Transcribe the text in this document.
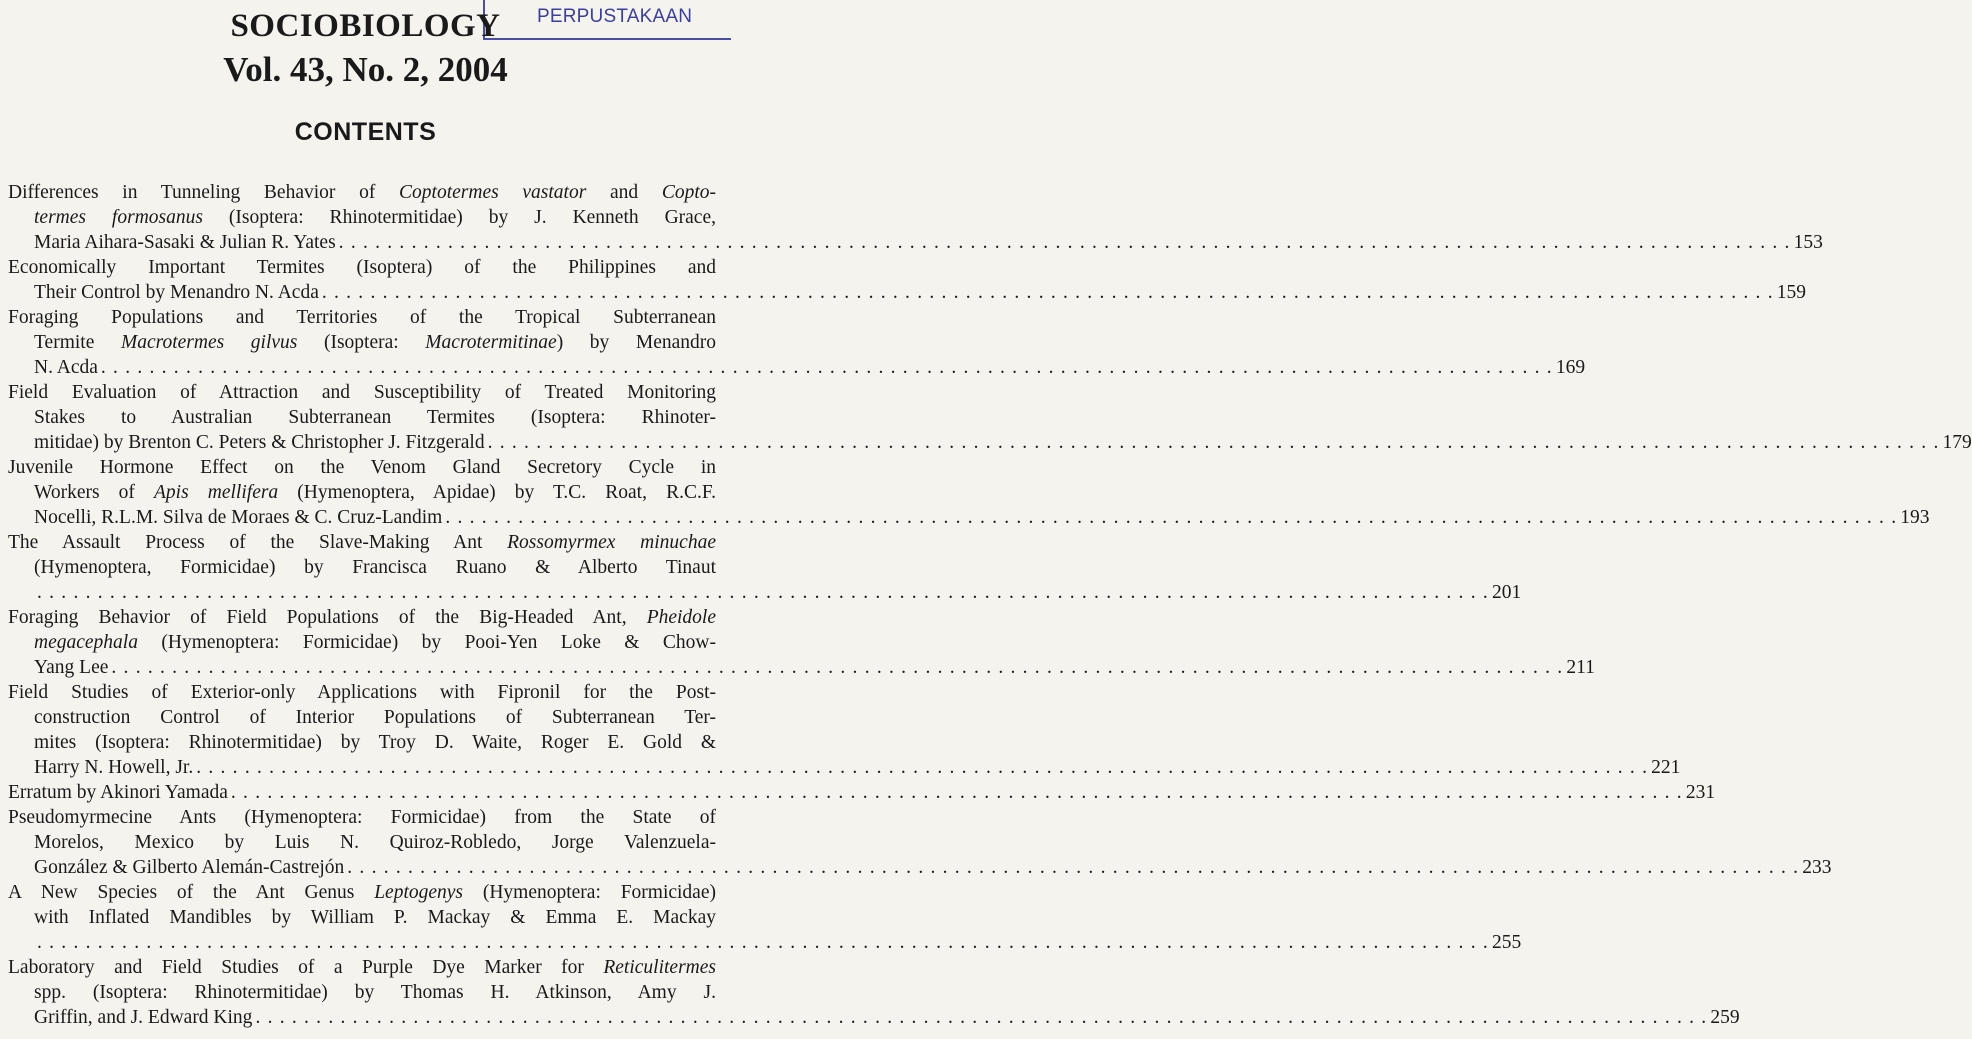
PERPUSTAKAAN
SOCIOBIOLOGY
Vol. 43, No. 2, 2004
CONTENTS
Differences in Tunneling Behavior of Coptotermes vastator and Copto-
termes formosanus (Isoptera: Rhinotermitidae) by J. Kenneth Grace,
Maria Aihara-Sasaki & Julian R. Yates . . . . . . . . . . . . . . . . . . . . . . . . . . . . . . . . . . . . . . . . . . . . . . . . . . . . . . . . . . . . . . . . . . . . . . . . . . . . . . . . . . . . . . . . . . . . . . . . . . . . . . . . . . . . . . . . . . . . . . . . 153
Economically Important Termites (Isoptera) of the Philippines and
Their Control by Menandro N. Acda . . . . . . . . . . . . . . . . . . . . . . . . . . . . . . . . . . . . . . . . . . . . . . . . . . . . . . . . . . . . . . . . . . . . . . . . . . . . . . . . . . . . . . . . . . . . . . . . . . . . . . . . . . . . . . . . . . . . . . . . 159
Foraging Populations and Territories of the Tropical Subterranean
Termite Macrotermes gilvus (Isoptera: Macrotermitinae) by Menandro
N. Acda . . . . . . . . . . . . . . . . . . . . . . . . . . . . . . . . . . . . . . . . . . . . . . . . . . . . . . . . . . . . . . . . . . . . . . . . . . . . . . . . . . . . . . . . . . . . . . . . . . . . . . . . . . . . . . . . . . . . . . . . 169
Field Evaluation of Attraction and Susceptibility of Treated Monitoring
Stakes to Australian Subterranean Termites (Isoptera: Rhinoter-
mitidae) by Brenton C. Peters & Christopher J. Fitzgerald . . . . . . . . . . . . . . . . . . . . . . . . . . . . . . . . . . . . . . . . . . . . . . . . . . . . . . . . . . . . . . . . . . . . . . . . . . . . . . . . . . . . . . . . . . . . . . . . . . . . . . . . . . . . . . . . . . . . . . . . 179
Juvenile Hormone Effect on the Venom Gland Secretory Cycle in
Workers of Apis mellifera (Hymenoptera, Apidae) by T.C. Roat, R.C.F.
Nocelli, R.L.M. Silva de Moraes & C. Cruz-Landim . . . . . . . . . . . . . . . . . . . . . . . . . . . . . . . . . . . . . . . . . . . . . . . . . . . . . . . . . . . . . . . . . . . . . . . . . . . . . . . . . . . . . . . . . . . . . . . . . . . . . . . . . . . . . . . . . . . . . . . . 193
The Assault Process of the Slave-Making Ant Rossomyrmex minuchae
(Hymenoptera, Formicidae) by Francisca Ruano & Alberto Tinaut
. . . . . . . . . . . . . . . . . . . . . . . . . . . . . . . . . . . . . . . . . . . . . . . . . . . . . . . . . . . . . . . . . . . . . . . . . . . . . . . . . . . . . . . . . . . . . . . . . . . . . . . . . . . . . . . . . . . . . . . . 201
Foraging Behavior of Field Populations of the Big-Headed Ant, Pheidole
megacephala (Hymenoptera: Formicidae) by Pooi-Yen Loke & Chow-
Yang Lee . . . . . . . . . . . . . . . . . . . . . . . . . . . . . . . . . . . . . . . . . . . . . . . . . . . . . . . . . . . . . . . . . . . . . . . . . . . . . . . . . . . . . . . . . . . . . . . . . . . . . . . . . . . . . . . . . . . . . . . . 211
Field Studies of Exterior-only Applications with Fipronil for the Post-
construction Control of Interior Populations of Subterranean Ter-
mites (Isoptera: Rhinotermitidae) by Troy D. Waite, Roger E. Gold &
Harry N. Howell, Jr. . . . . . . . . . . . . . . . . . . . . . . . . . . . . . . . . . . . . . . . . . . . . . . . . . . . . . . . . . . . . . . . . . . . . . . . . . . . . . . . . . . . . . . . . . . . . . . . . . . . . . . . . . . . . . . . . . . . . . . . . 221
Erratum by Akinori Yamada . . . . . . . . . . . . . . . . . . . . . . . . . . . . . . . . . . . . . . . . . . . . . . . . . . . . . . . . . . . . . . . . . . . . . . . . . . . . . . . . . . . . . . . . . . . . . . . . . . . . . . . . . . . . . . . . . . . . . . . . 231
Pseudomyrmecine Ants (Hymenoptera: Formicidae) from the State of
Morelos, Mexico by Luis N. Quiroz-Robledo, Jorge Valenzuela-
González & Gilberto Alemán-Castrejón . . . . . . . . . . . . . . . . . . . . . . . . . . . . . . . . . . . . . . . . . . . . . . . . . . . . . . . . . . . . . . . . . . . . . . . . . . . . . . . . . . . . . . . . . . . . . . . . . . . . . . . . . . . . . . . . . . . . . . . . 233
A New Species of the Ant Genus Leptogenys (Hymenoptera: Formicidae)
with Inflated Mandibles by William P. Mackay & Emma E. Mackay
. . . . . . . . . . . . . . . . . . . . . . . . . . . . . . . . . . . . . . . . . . . . . . . . . . . . . . . . . . . . . . . . . . . . . . . . . . . . . . . . . . . . . . . . . . . . . . . . . . . . . . . . . . . . . . . . . . . . . . . . 255
Laboratory and Field Studies of a Purple Dye Marker for Reticulitermes
spp. (Isoptera: Rhinotermitidae) by Thomas H. Atkinson, Amy J.
Griffin, and J. Edward King . . . . . . . . . . . . . . . . . . . . . . . . . . . . . . . . . . . . . . . . . . . . . . . . . . . . . . . . . . . . . . . . . . . . . . . . . . . . . . . . . . . . . . . . . . . . . . . . . . . . . . . . . . . . . . . . . . . . . . . . 259
